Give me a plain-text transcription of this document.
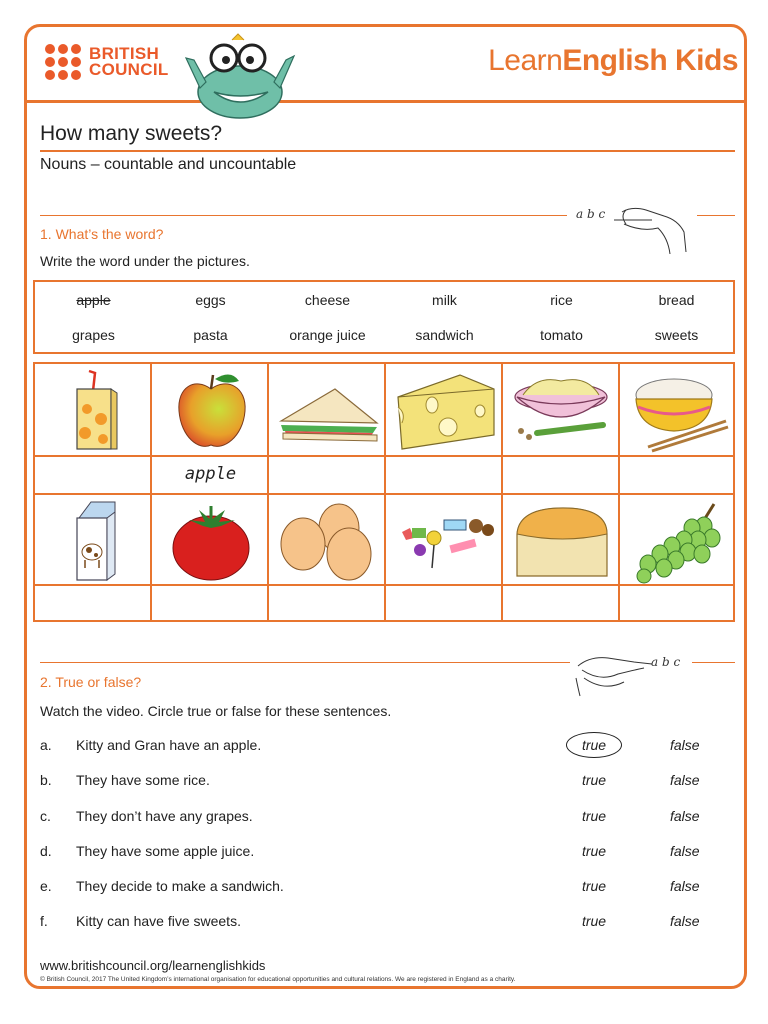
BRITISH
COUNCIL	LearnEnglish Kids
How many sweets?
Nouns – countable and uncountable
a b c
1. What’s the word?
Write the word under the pictures.
apple	eggs	cheese	milk	rice	bread
grapes	pasta	orange juice	sandwich	tomato	sweets
apple
a b c
2. True or false?
Watch the video. Circle true or false for these sentences.
a. Kitty and Gran have an apple.	true	false
b. They have some rice.	true	false
c. They don’t have any grapes.	true	false
d. They have some apple juice.	true	false
e. They decide to make a sandwich.	true	false
f. Kitty can have five sweets.	true	false
www.britishcouncil.org/learnenglishkids
© British Council, 2017 The United Kingdom’s international organisation for educational opportunities and cultural relations. We are registered in England as a charity.
